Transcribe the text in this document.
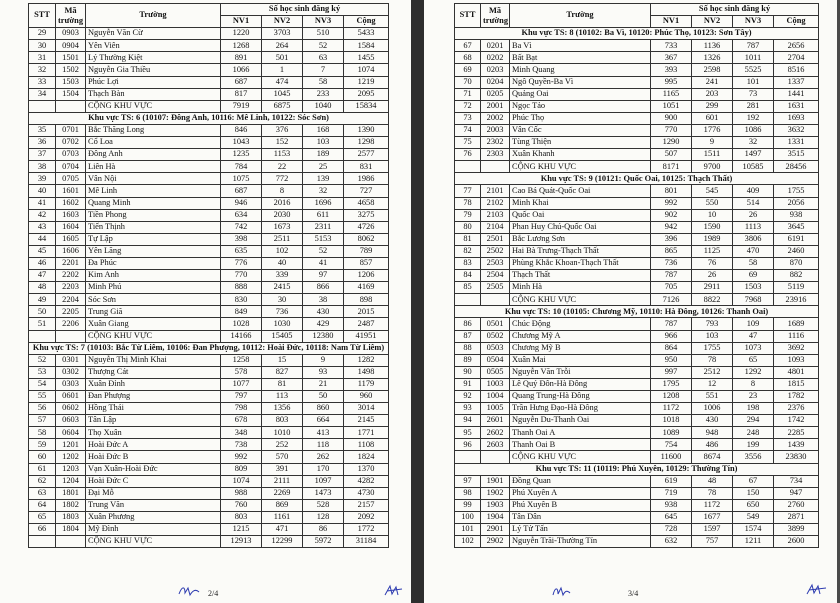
STT	Mã trường	Trường	Số học sinh đăng ký			
			NV1	NV2	NV3	Cộng
29	0903	Nguyễn Văn Cừ	1220	3703	510	5433
30	0904	Yên Viên	1268	264	52	1584
31	1501	Lý Thường Kiệt	891	501	63	1455
32	1502	Nguyễn Gia Thiều	1066	1	7	1074
33	1503	Phúc Lợi	687	474	58	1219
34	1504	Thạch Bàn	817	1045	233	2095
		CỘNG KHU VỰC	7919	6875	1040	15834
Khu vực TS: 6 (10107: Đông Anh, 10116: Mê Linh, 10122: Sóc Sơn)						
35	0701	Bắc Thăng Long	846	376	168	1390
36	0702	Cổ Loa	1043	152	103	1298
37	0703	Đông Anh	1235	1153	189	2577
38	0704	Liên Hà	784	22	25	831
39	0705	Vân Nội	1075	772	139	1986
40	1601	Mê Linh	687	8	32	727
41	1602	Quang Minh	946	2016	1696	4658
42	1603	Tiền Phong	634	2030	611	3275
43	1604	Tiến Thịnh	742	1673	2311	4726
44	1605	Tự Lập	398	2511	5153	8062
45	1606	Yên Lãng	635	102	52	789
46	2201	Đa Phúc	776	40	41	857
47	2202	Kim Anh	770	339	97	1206
48	2203	Minh Phú	888	2415	866	4169
49	2204	Sóc Sơn	830	30	38	898
50	2205	Trung Giã	849	736	430	2015
51	2206	Xuân Giang	1028	1030	429	2487
		CỘNG KHU VỰC	14166	15405	12380	41951
Khu vực TS: 7 (10103: Bắc Từ Liêm, 10106: Đan Phượng, 10112: Hoài Đức, 10118: Nam Từ Liêm)						
52	0301	Nguyễn Thị Minh Khai	1258	15	9	1282
53	0302	Thượng Cát	578	827	93	1498
54	0303	Xuân Đỉnh	1077	81	21	1179
55	0601	Đan Phượng	797	113	50	960
56	0602	Hồng Thái	798	1356	860	3014
57	0603	Tân Lập	678	803	664	2145
58	0604	Thọ Xuân	348	1010	413	1771
59	1201	Hoài Đức A	738	252	118	1108
60	1202	Hoài Đức B	992	570	262	1824
61	1203	Vạn Xuân-Hoài Đức	809	391	170	1370
62	1204	Hoài Đức C	1074	2111	1097	4282
63	1801	Đại Mỗ	988	2269	1473	4730
64	1802	Trung Văn	760	869	528	2157
65	1803	Xuân Phương	803	1161	128	2092
66	1804	Mỹ Đình	1215	471	86	1772
		CỘNG KHU VỰC	12913	12299	5972	31184
STT	Mã trường	Trường	Số học sinh đăng ký			
			NV1	NV2	NV3	Cộng
Khu vực TS: 8 (10102: Ba Vì, 10120: Phúc Thọ, 10123: Sơn Tây)						
67	0201	Ba Vì	733	1136	787	2656
68	0202	Bất Bạt	367	1326	1011	2704
69	0203	Minh Quang	393	2598	5525	8516
70	0204	Ngô Quyền-Ba Vì	995	241	101	1337
71	0205	Quảng Oai	1165	203	73	1441
72	2001	Ngọc Tảo	1051	299	281	1631
73	2002	Phúc Thọ	900	601	192	1693
74	2003	Vân Cốc	770	1776	1086	3632
75	2302	Tùng Thiện	1290	9	32	1331
76	2303	Xuân Khanh	507	1511	1497	3515
		CỘNG KHU VỰC	8171	9700	10585	28456
Khu vực TS: 9 (10121: Quốc Oai, 10125: Thạch Thất)						
77	2101	Cao Bá Quát-Quốc Oai	801	545	409	1755
78	2102	Minh Khai	992	550	514	2056
79	2103	Quốc Oai	902	10	26	938
80	2104	Phan Huy Chú-Quốc Oai	942	1590	1113	3645
81	2501	Bắc Lương Sơn	396	1989	3806	6191
82	2502	Hai Bà Trưng-Thạch Thất	865	1125	470	2460
83	2503	Phùng Khắc Khoan-Thạch Thất	736	76	58	870
84	2504	Thạch Thất	787	26	69	882
85	2505	Minh Hà	705	2911	1503	5119
		CỘNG KHU VỰC	7126	8822	7968	23916
Khu vực TS: 10 (10105: Chương Mỹ, 10110: Hà Đông, 10126: Thanh Oai)						
86	0501	Chúc Động	787	793	109	1689
87	0502	Chương Mỹ A	966	103	47	1116
88	0503	Chương Mỹ B	864	1755	1073	3692
89	0504	Xuân Mai	950	78	65	1093
90	0505	Nguyễn Văn Trỗi	997	2512	1292	4801
91	1003	Lê Quý Đôn-Hà Đông	1795	12	8	1815
92	1004	Quang Trung-Hà Đông	1208	551	23	1782
93	1005	Trần Hưng Đạo-Hà Đông	1172	1006	198	2376
94	2601	Nguyễn Du-Thanh Oai	1018	430	294	1742
95	2602	Thanh Oai A	1089	948	248	2285
96	2603	Thanh Oai B	754	486	199	1439
		CỘNG KHU VỰC	11600	8674	3556	23830
Khu vực TS: 11 (10119: Phú Xuyên, 10129: Thường Tín)						
97	1901	Đồng Quan	619	48	67	734
98	1902	Phú Xuyên A	719	78	150	947
99	1903	Phú Xuyên B	938	1172	650	2760
100	1904	Tân Dân	645	1677	549	2871
101	2901	Lý Tử Tấn	728	1597	1574	3899
102	2902	Nguyễn Trãi-Thường Tín	632	757	1211	2600
2/4	3/4
